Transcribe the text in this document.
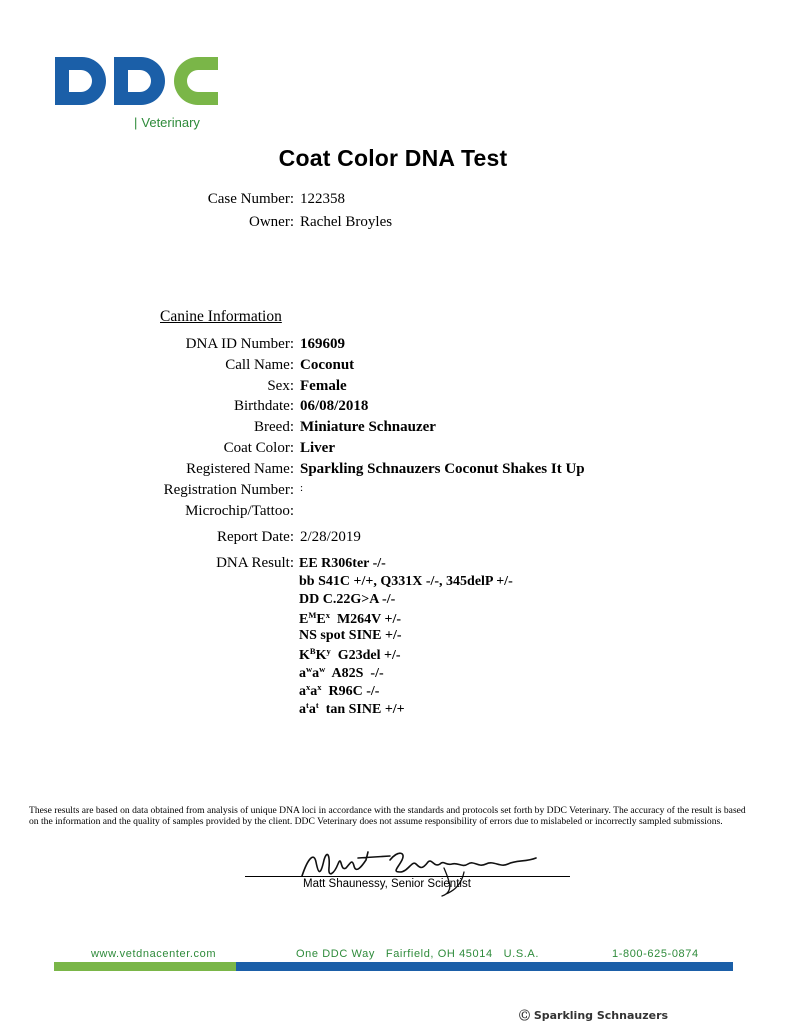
| Veterinary
Coat Color DNA Test
Case Number: 122358
Owner: Rachel Broyles
Canine Information
DNA ID Number: 169609
Call Name: Coconut
Sex: Female
Birthdate: 06/08/2018
Breed: Miniature Schnauzer
Coat Color: Liver
Registered Name: Sparkling Schnauzers Coconut Shakes It Up
Registration Number: :
Microchip/Tattoo:
Report Date: 2/28/2019
DNA Result: EE R306ter -/-
bb S41C +/+, Q331X -/-, 345delP +/-
DD C.22G>A -/-
$E^ME^x$  M264V +/-
NS spot SINE +/-
$K^BK^y$  G23del +/-
$a^wa^w$  A82S  -/-
$a^xa^x$  R96C -/-
$a^ta^t$  tan SINE +/+
These results are based on data obtained from analysis of unique DNA loci in accordance with the standards and protocols set forth by DDC Veterinary. The accuracy of the result is based on the information and the quality of samples provided by the client. DDC Veterinary does not assume responsibility of errors due to mislabeled or incorrectly sampled submissions.
Matt Shaunessy, Senior Scientist
www.vetdnacenter.com	One DDC Way   Fairfield, OH 45014   U.S.A.	1-800-625-0874
Ⓒ Sparkling Schnauzers
